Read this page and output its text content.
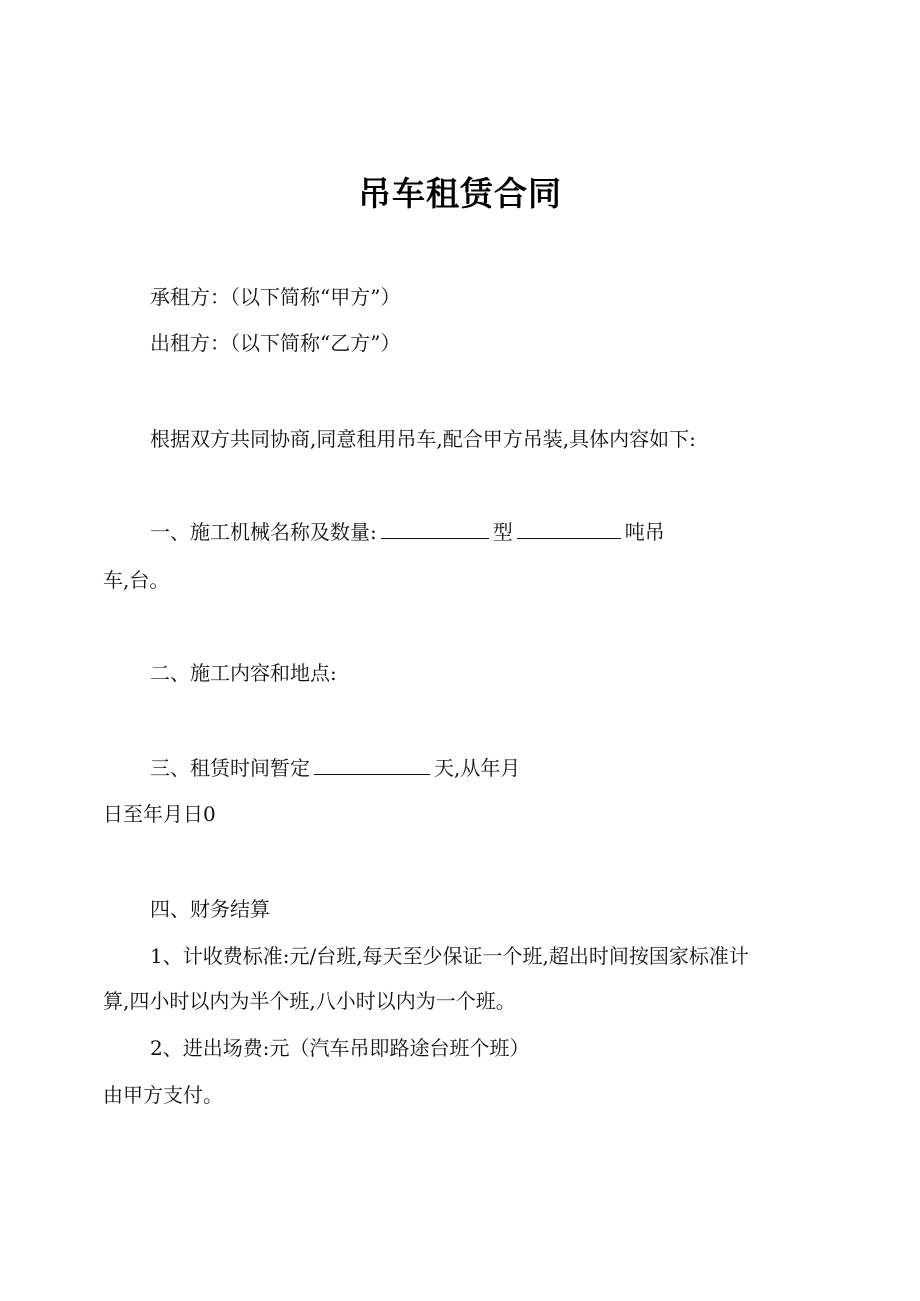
吊车租赁合同
承租方：（以下简称“甲方”）
出租方：（以下简称“乙方”）
根据双方共同协商,同意租用吊车,配合甲方吊装,具体内容如下:
一、施工机械名称及数量:	型	吨吊
车,台。
二、施工内容和地点:
三、租赁时间暂定	天,从年月
日至年月日0
四、财务结算
1、计收费标准:元/台班,每天至少保证一个班,超出时间按国家标准计
算,四小时以内为半个班,八小时以内为一个班。
2、进出场费:元（汽车吊即路途台班个班）
由甲方支付。
